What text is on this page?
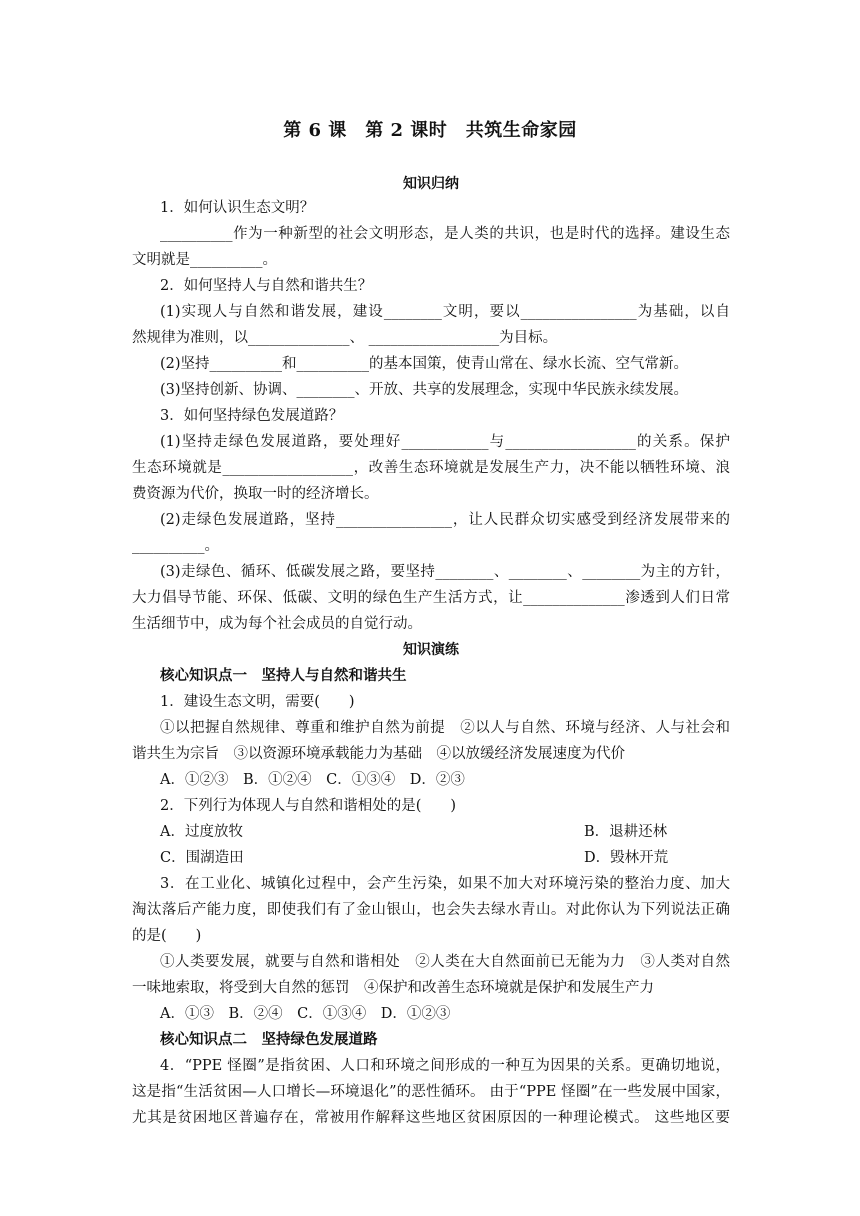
第 6 课　第 2 课时　共筑生命家园
知识归纳
1．如何认识生态文明？
__________作为一种新型的社会文明形态，是人类的共识，也是时代的选择。建设生态
文明就是__________。
2．如何坚持人与自然和谐共生？
(1)实现人与自然和谐发展，建设________文明，要以________________为基础，以自
然规律为准则，以______________、 __________________为目标。
(2)坚持__________和__________的基本国策，使青山常在、绿水长流、空气常新。
(3)坚持创新、协调、________、开放、共享的发展理念，实现中华民族永续发展。
3．如何坚持绿色发展道路？
(1)坚持走绿色发展道路，要处理好____________与__________________的关系。保护
生态环境就是__________________，改善生态环境就是发展生产力，决不能以牺牲环境、浪
费资源为代价，换取一时的经济增长。
(2)走绿色发展道路，坚持________________，让人民群众切实感受到经济发展带来的
__________。
(3)走绿色、循环、低碳发展之路，要坚持________、________、________为主的方针，
大力倡导节能、环保、低碳、文明的绿色生产生活方式，让______________渗透到人们日常
生活细节中，成为每个社会成员的自觉行动。
知识演练
核心知识点一　坚持人与自然和谐共生
1．建设生态文明，需要(　　)
①以把握自然规律、尊重和维护自然为前提　②以人与自然、环境与经济、人与社会和
谐共生为宗旨　③以资源环境承载能力为基础　④以放缓经济发展速度为代价
A．①②③　B．①②④　C．①③④　D．②③
2．下列行为体现人与自然和谐相处的是(　　)
A．过度放牧	B．退耕还林
C．围湖造田	D．毁林开荒
3．在工业化、城镇化过程中，会产生污染，如果不加大对环境污染的整治力度、加大
淘汰落后产能力度，即使我们有了金山银山，也会失去绿水青山。对此你认为下列说法正确
的是(　　)
①人类要发展，就要与自然和谐相处　②人类在大自然面前已无能为力　③人类对自然
一味地索取，将受到大自然的惩罚　④保护和改善生态环境就是保护和发展生产力
A．①③　B．②④　C．①③④　D．①②③
核心知识点二　坚持绿色发展道路
4．“PPE 怪圈”是指贫困、人口和环境之间形成的一种互为因果的关系。更确切地说，
这是指“生活贫困—人口增长—环境退化”的恶性循环。 由于“PPE 怪圈”在一些发展中国家，
尤其是贫困地区普遍存在，常被用作解释这些地区贫困原因的一种理论模式。 这些地区要
